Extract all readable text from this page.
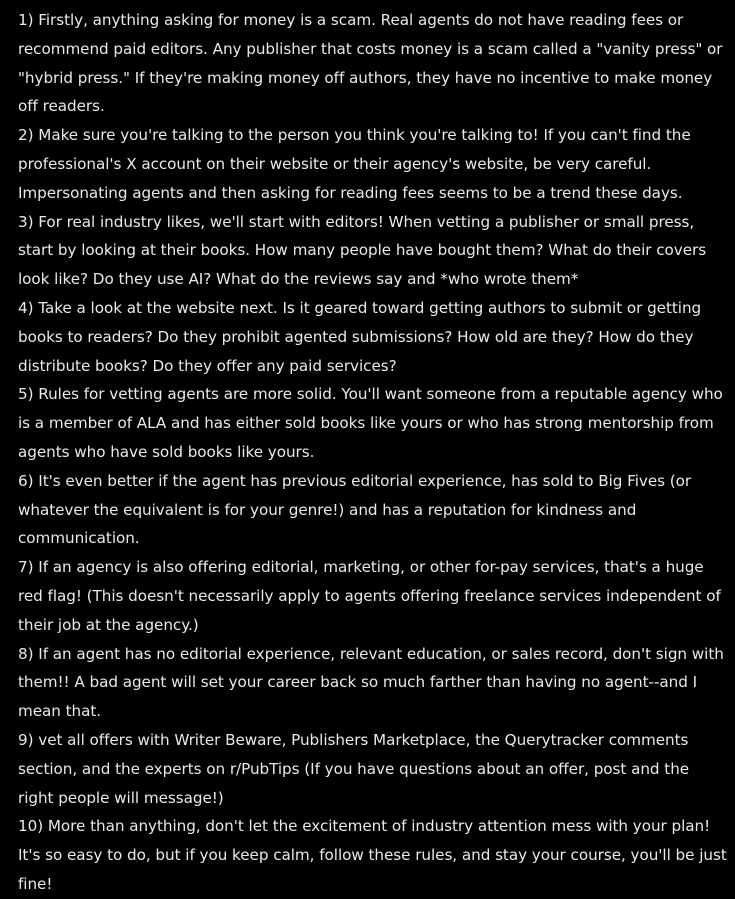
1) Firstly, anything asking for money is a scam. Real agents do not have reading fees or recommend paid editors. Any publisher that costs money is a scam called a "vanity press" or "hybrid press." If they're making money off authors, they have no incentive to make money off readers.

2) Make sure you're talking to the person you think you're talking to! If you can't find the professional's X account on their website or their agency's website, be very careful. Impersonating agents and then asking for reading fees seems to be a trend these days.

3) For real industry likes, we'll start with editors! When vetting a publisher or small press, start by looking at their books. How many people have bought them? What do their covers look like? Do they use AI? What do the reviews say and *who wrote them*

4) Take a look at the website next. Is it geared toward getting authors to submit or getting books to readers? Do they prohibit agented submissions? How old are they? How do they distribute books? Do they offer any paid services?

5) Rules for vetting agents are more solid. You'll want someone from a reputable agency who is a member of ALA and has either sold books like yours or who has strong mentorship from agents who have sold books like yours.

6) It's even better if the agent has previous editorial experience, has sold to Big Fives (or whatever the equivalent is for your genre!) and has a reputation for kindness and communication.

7) If an agency is also offering editorial, marketing, or other for-pay services, that's a huge red flag! (This doesn't necessarily apply to agents offering freelance services independent of their job at the agency.)

8) If an agent has no editorial experience, relevant education, or sales record, don't sign with them!! A bad agent will set your career back so much farther than having no agent--and I mean that.

9) vet all offers with Writer Beware, Publishers Marketplace, the Querytracker comments section, and the experts on r/PubTips (If you have questions about an offer, post and the right people will message!)

10) More than anything, don't let the excitement of industry attention mess with your plan! It's so easy to do, but if you keep calm, follow these rules, and stay your course, you'll be just fine!
